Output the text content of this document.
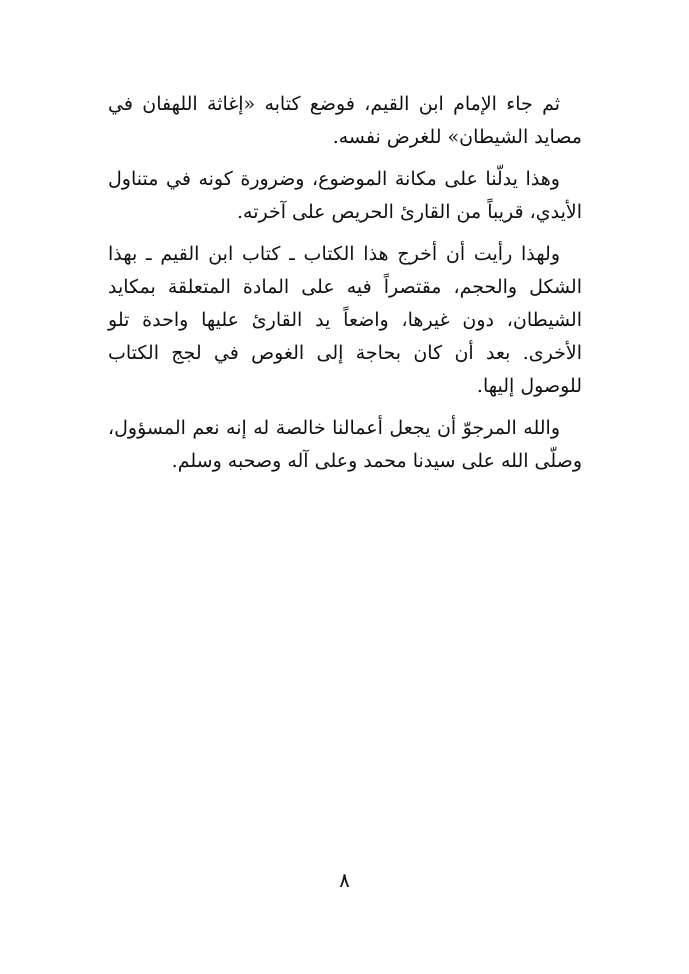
ثم جاء الإمام ابن القيم، فوضع كتابه «إغاثة اللهفان في مصايد الشيطان» للغرض نفسه.

وهذا يدلّنا على مكانة الموضوع، وضرورة كونه في متناول الأيدي، قريباً من القارئ الحريص على آخرته.

ولهذا رأيت أن أخرج هذا الكتاب ـ كتاب ابن القيم ـ بهذا الشكل والحجم، مقتصراً فيه على المادة المتعلقة بمكايد الشيطان، دون غيرها، واضعاً يد القارئ عليها واحدة تلو الأخرى. بعد أن كان بحاجة إلى الغوص في لجج الكتاب للوصول إليها.

والله المرجوّ أن يجعل أعمالنا خالصة له إنه نعم المسؤول، وصلّى الله على سيدنا محمد وعلى آله وصحبه وسلم.

٨
